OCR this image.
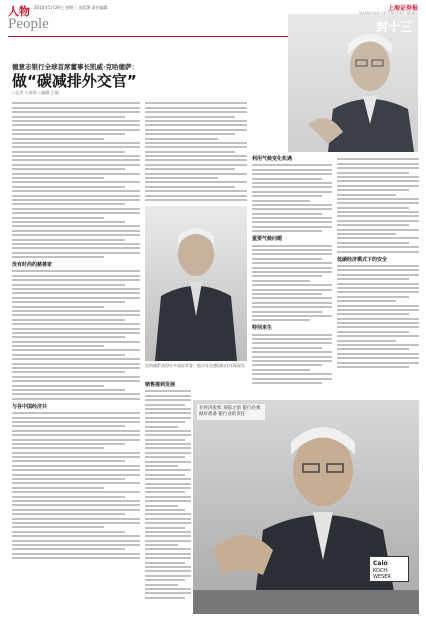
人物 2010年5月29日 星期三 出版署 责任编辑
People
上海证券报
封十三
德意志银行全球首席董事长凯威·克哈德萨：
做“碳减排外交官”
○记者 石海涛 ○编辑 王斌
没有时尚的慈善家
与各中国经济共
克哈德萨获得许多国际荣誉，他早年在德国担任环保部长
销售提到发展
利用气候变化机遇
重要气候问题
特别来生
低碳经济模式下的安全
Caio
KOCH-WESER
在经济危机 来临之前 银行必须做好准备 银行业的责任
